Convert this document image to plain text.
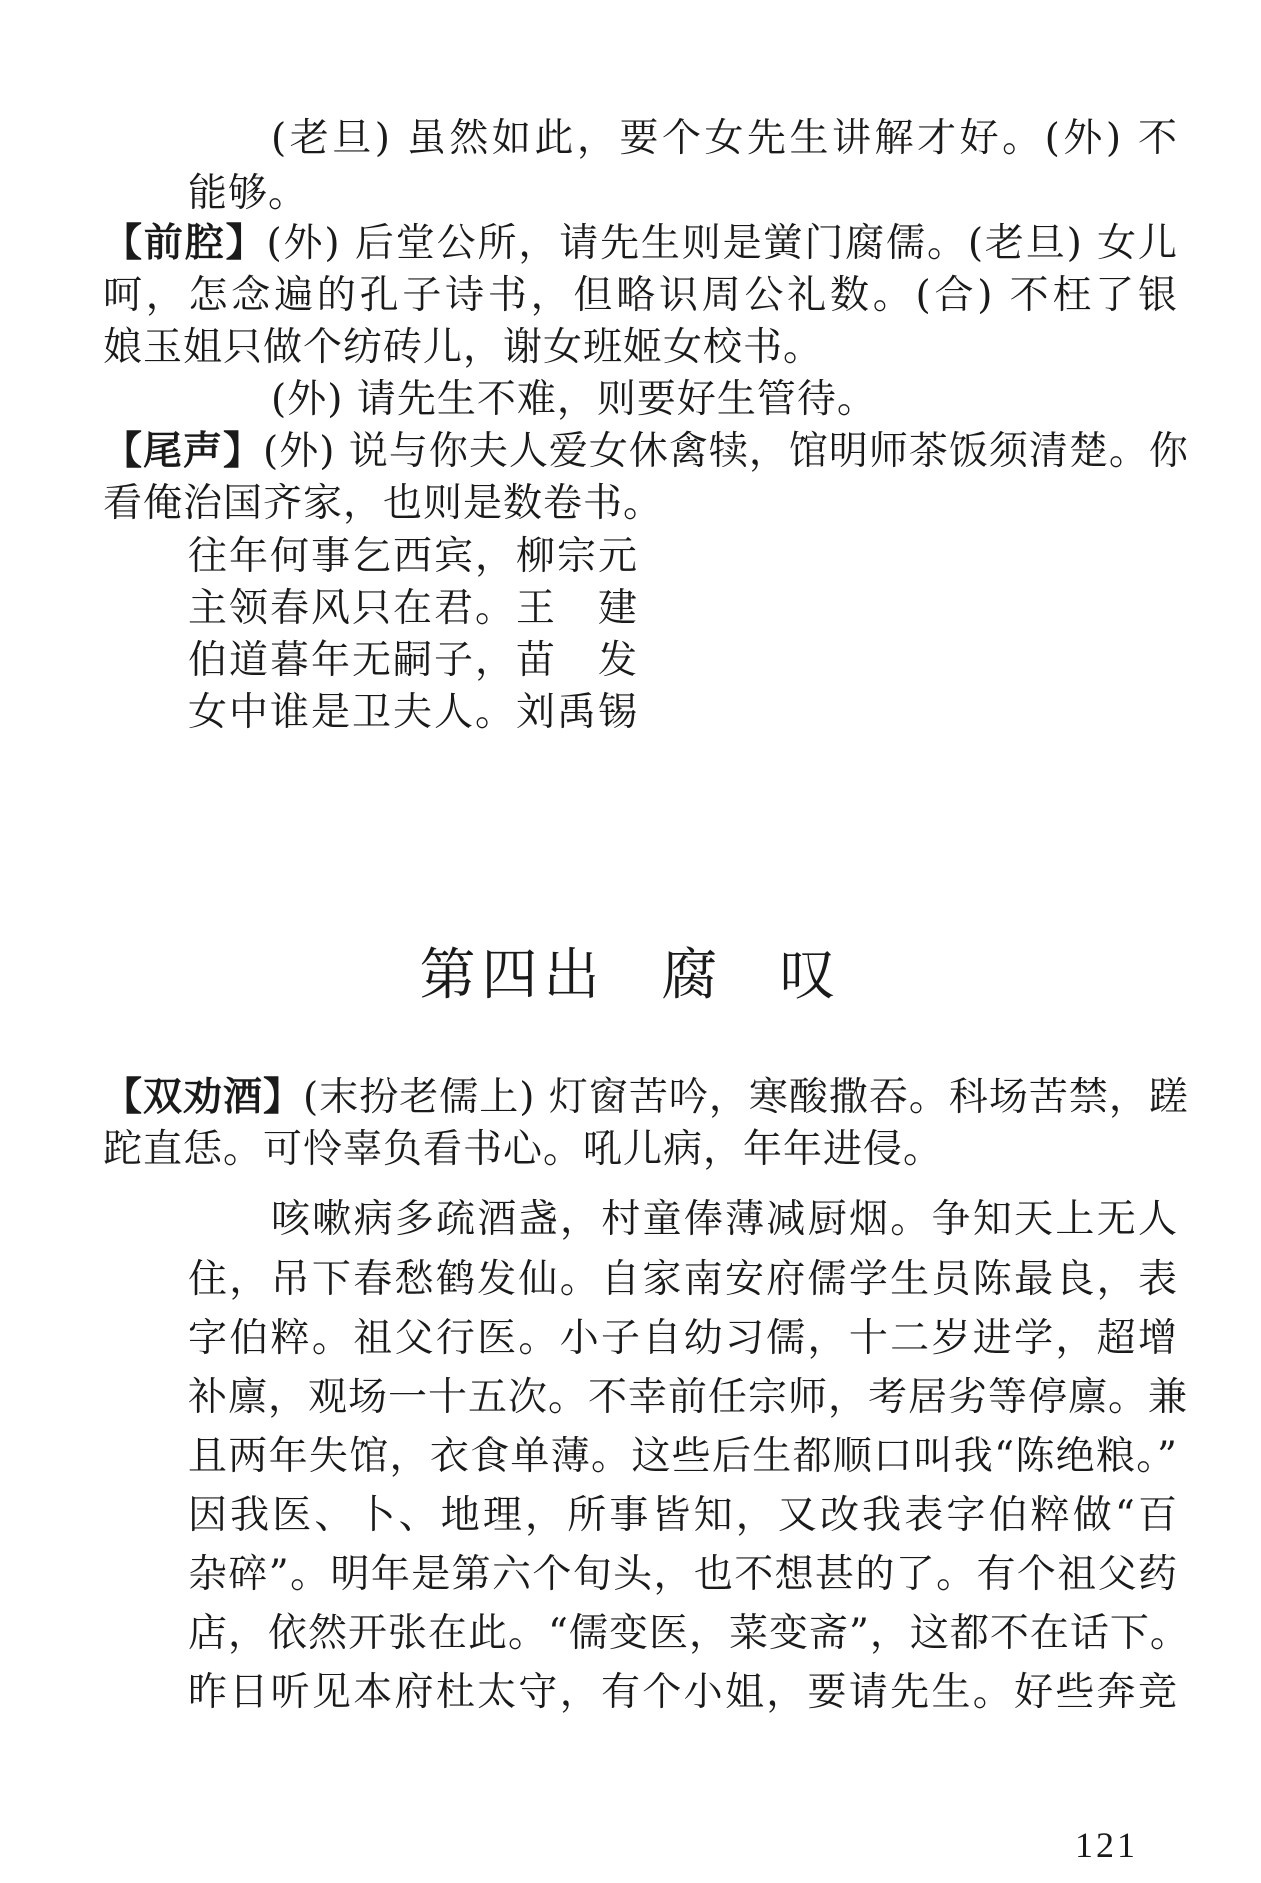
(老旦) 虽然如此，要个女先生讲解才好。(外) 不
能够。
【前腔】(外) 后堂公所，请先生则是黉门腐儒。(老旦) 女儿
呵，怎念遍的孔子诗书，但略识周公礼数。(合) 不枉了银
娘玉姐只做个纺砖儿，谢女班姬女校书。
(外) 请先生不难，则要好生管待。
【尾声】(外) 说与你夫人爱女休禽犊，馆明师茶饭须清楚。你
看俺治国齐家，也则是数卷书。
往年何事乞西宾，柳宗元
主领春风只在君。王　建
伯道暮年无嗣子，苗　发
女中谁是卫夫人。刘禹锡
第四出 腐 叹
【双劝酒】(末扮老儒上) 灯窗苦吟，寒酸撒吞。科场苦禁，蹉
跎直恁。可怜辜负看书心。吼儿病，年年进侵。
咳嗽病多疏酒盏，村童俸薄减厨烟。争知天上无人
住，吊下春愁鹤发仙。自家南安府儒学生员陈最良，表
字伯粹。祖父行医。小子自幼习儒，十二岁进学，超增
补廪，观场一十五次。不幸前任宗师，考居劣等停廪。兼
且两年失馆，衣食单薄。这些后生都顺口叫我“陈绝粮。”
因我医、卜、地理，所事皆知，又改我表字伯粹做“百
杂碎”。明年是第六个旬头，也不想甚的了。有个祖父药
店，依然开张在此。“儒变医，菜变斋”，这都不在话下。
昨日听见本府杜太守，有个小姐，要请先生。好些奔竞
121
